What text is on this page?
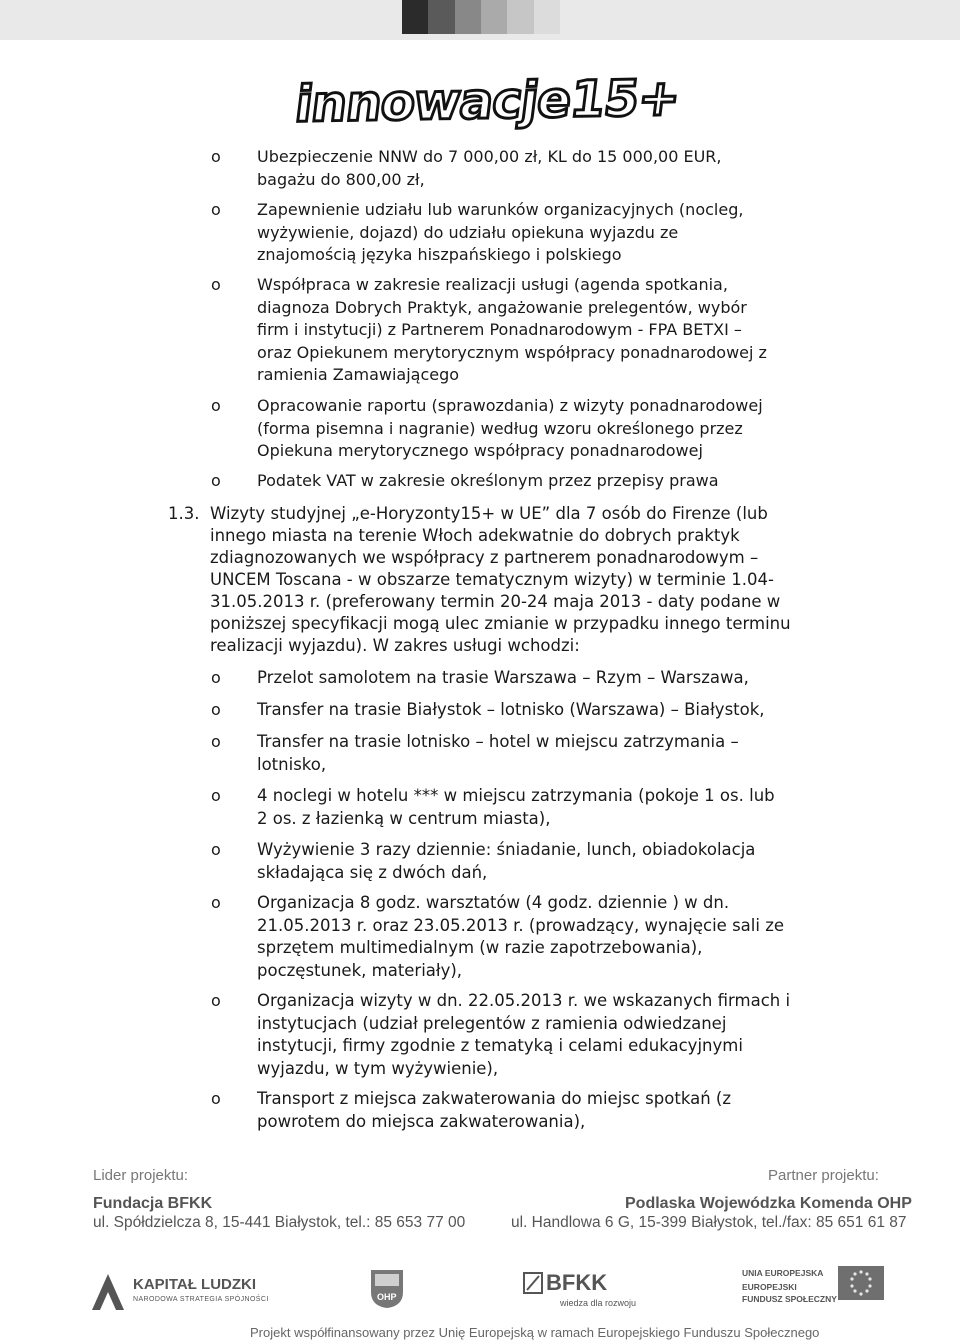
innowacje15+
o Ubezpieczenie NNW do 7 000,00 zł, KL do 15 000,00 EUR,
bagażu do 800,00 zł,
o Zapewnienie udziału lub warunków organizacyjnych (nocleg,
wyżywienie, dojazd) do udziału opiekuna wyjazdu ze
znajomością języka hiszpańskiego i polskiego
o Współpraca w zakresie realizacji usługi (agenda spotkania,
diagnoza Dobrych Praktyk, angażowanie prelegentów, wybór
firm i instytucji) z Partnerem Ponadnarodowym - FPA BETXI –
oraz Opiekunem merytorycznym współpracy ponadnarodowej z
ramienia Zamawiającego
o Opracowanie raportu (sprawozdania) z wizyty ponadnarodowej
(forma pisemna i nagranie) według wzoru określonego przez
Opiekuna merytorycznego współpracy ponadnarodowej
o Podatek VAT w zakresie określonym przez przepisy prawa
1.3. Wizyty studyjnej „e-Horyzonty15+ w UE” dla 7 osób do Firenze (lub
innego miasta na terenie Włoch adekwatnie do dobrych praktyk
zdiagnozowanych we współpracy z partnerem ponadnarodowym –
UNCEM Toscana - w obszarze tematycznym wizyty) w terminie 1.04-
31.05.2013 r. (preferowany termin 20-24 maja 2013 - daty podane w
poniższej specyfikacji mogą ulec zmianie w przypadku innego terminu
realizacji wyjazdu). W zakres usługi wchodzi:
o Przelot samolotem na trasie Warszawa – Rzym – Warszawa,
o Transfer na trasie Białystok – lotnisko (Warszawa) – Białystok,
o Transfer na trasie lotnisko – hotel w miejscu zatrzymania –
lotnisko,
o 4 noclegi w hotelu *** w miejscu zatrzymania (pokoje 1 os. lub
2 os. z łazienką w centrum miasta),
o Wyżywienie 3 razy dziennie: śniadanie, lunch, obiadokolacja
składająca się z dwóch dań,
o Organizacja 8 godz. warsztatów (4 godz. dziennie ) w dn.
21.05.2013 r. oraz 23.05.2013 r. (prowadzący, wynajęcie sali ze
sprzętem multimedialnym (w razie zapotrzebowania),
poczęstunek, materiały),
o Organizacja wizyty w dn. 22.05.2013 r. we wskazanych firmach i
instytucjach (udział prelegentów z ramienia odwiedzanej
instytucji, firmy zgodnie z tematyką i celami edukacyjnymi
wyjazdu, w tym wyżywienie),
o Transport z miejsca zakwaterowania do miejsc spotkań (z
powrotem do miejsca zakwaterowania),
Lider projektu:
Fundacja BFKK
ul. Spółdzielcza 8, 15-441 Białystok, tel.: 85 653 77 00
Partner projektu:
Podlaska Wojewódzka Komenda OHP
ul. Handlowa 6 G, 15-399 Białystok, tel./fax: 85 651 61 87
KAPITAŁ LUDZKI
NARODOWA STRATEGIA SPÓJNOŚCI	OHP
BFKK
wiedza dla rozwoju
UNIA EUROPEJSKA
EUROPEJSKI
FUNDUSZ SPOŁECZNY
Projekt współfinansowany przez Unię Europejską w ramach Europejskiego Funduszu Społecznego
